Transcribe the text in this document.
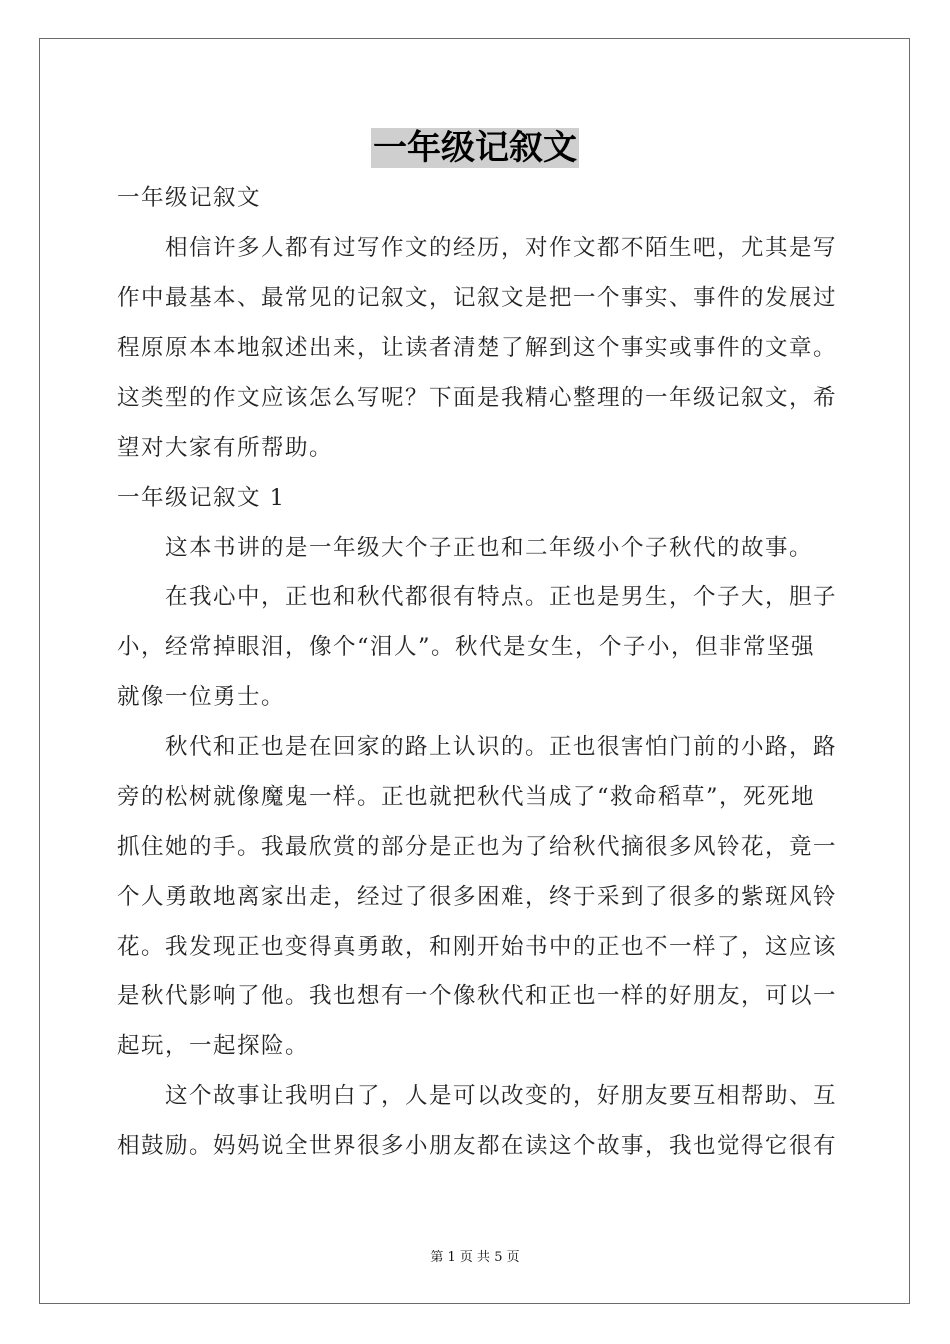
一年级记叙文
一年级记叙文
相信许多人都有过写作文的经历，对作文都不陌生吧，尤其是写
作中最基本、最常见的记叙文，记叙文是把一个事实、事件的发展过
程原原本本地叙述出来，让读者清楚了解到这个事实或事件的文章。
这类型的作文应该怎么写呢？下面是我精心整理的一年级记叙文，希
望对大家有所帮助。
一年级记叙文 1
这本书讲的是一年级大个子正也和二年级小个子秋代的故事。
在我心中，正也和秋代都很有特点。正也是男生，个子大，胆子
小，经常掉眼泪，像个“泪人”。秋代是女生，个子小，但非常坚强
就像一位勇士。
秋代和正也是在回家的路上认识的。正也很害怕门前的小路，路
旁的松树就像魔鬼一样。正也就把秋代当成了“救命稻草”，死死地
抓住她的手。我最欣赏的部分是正也为了给秋代摘很多风铃花，竟一
个人勇敢地离家出走，经过了很多困难，终于采到了很多的紫斑风铃
花。我发现正也变得真勇敢，和刚开始书中的正也不一样了，这应该
是秋代影响了他。我也想有一个像秋代和正也一样的好朋友，可以一
起玩，一起探险。
这个故事让我明白了，人是可以改变的，好朋友要互相帮助、互
相鼓励。妈妈说全世界很多小朋友都在读这个故事，我也觉得它很有
第 1 页 共 5 页
